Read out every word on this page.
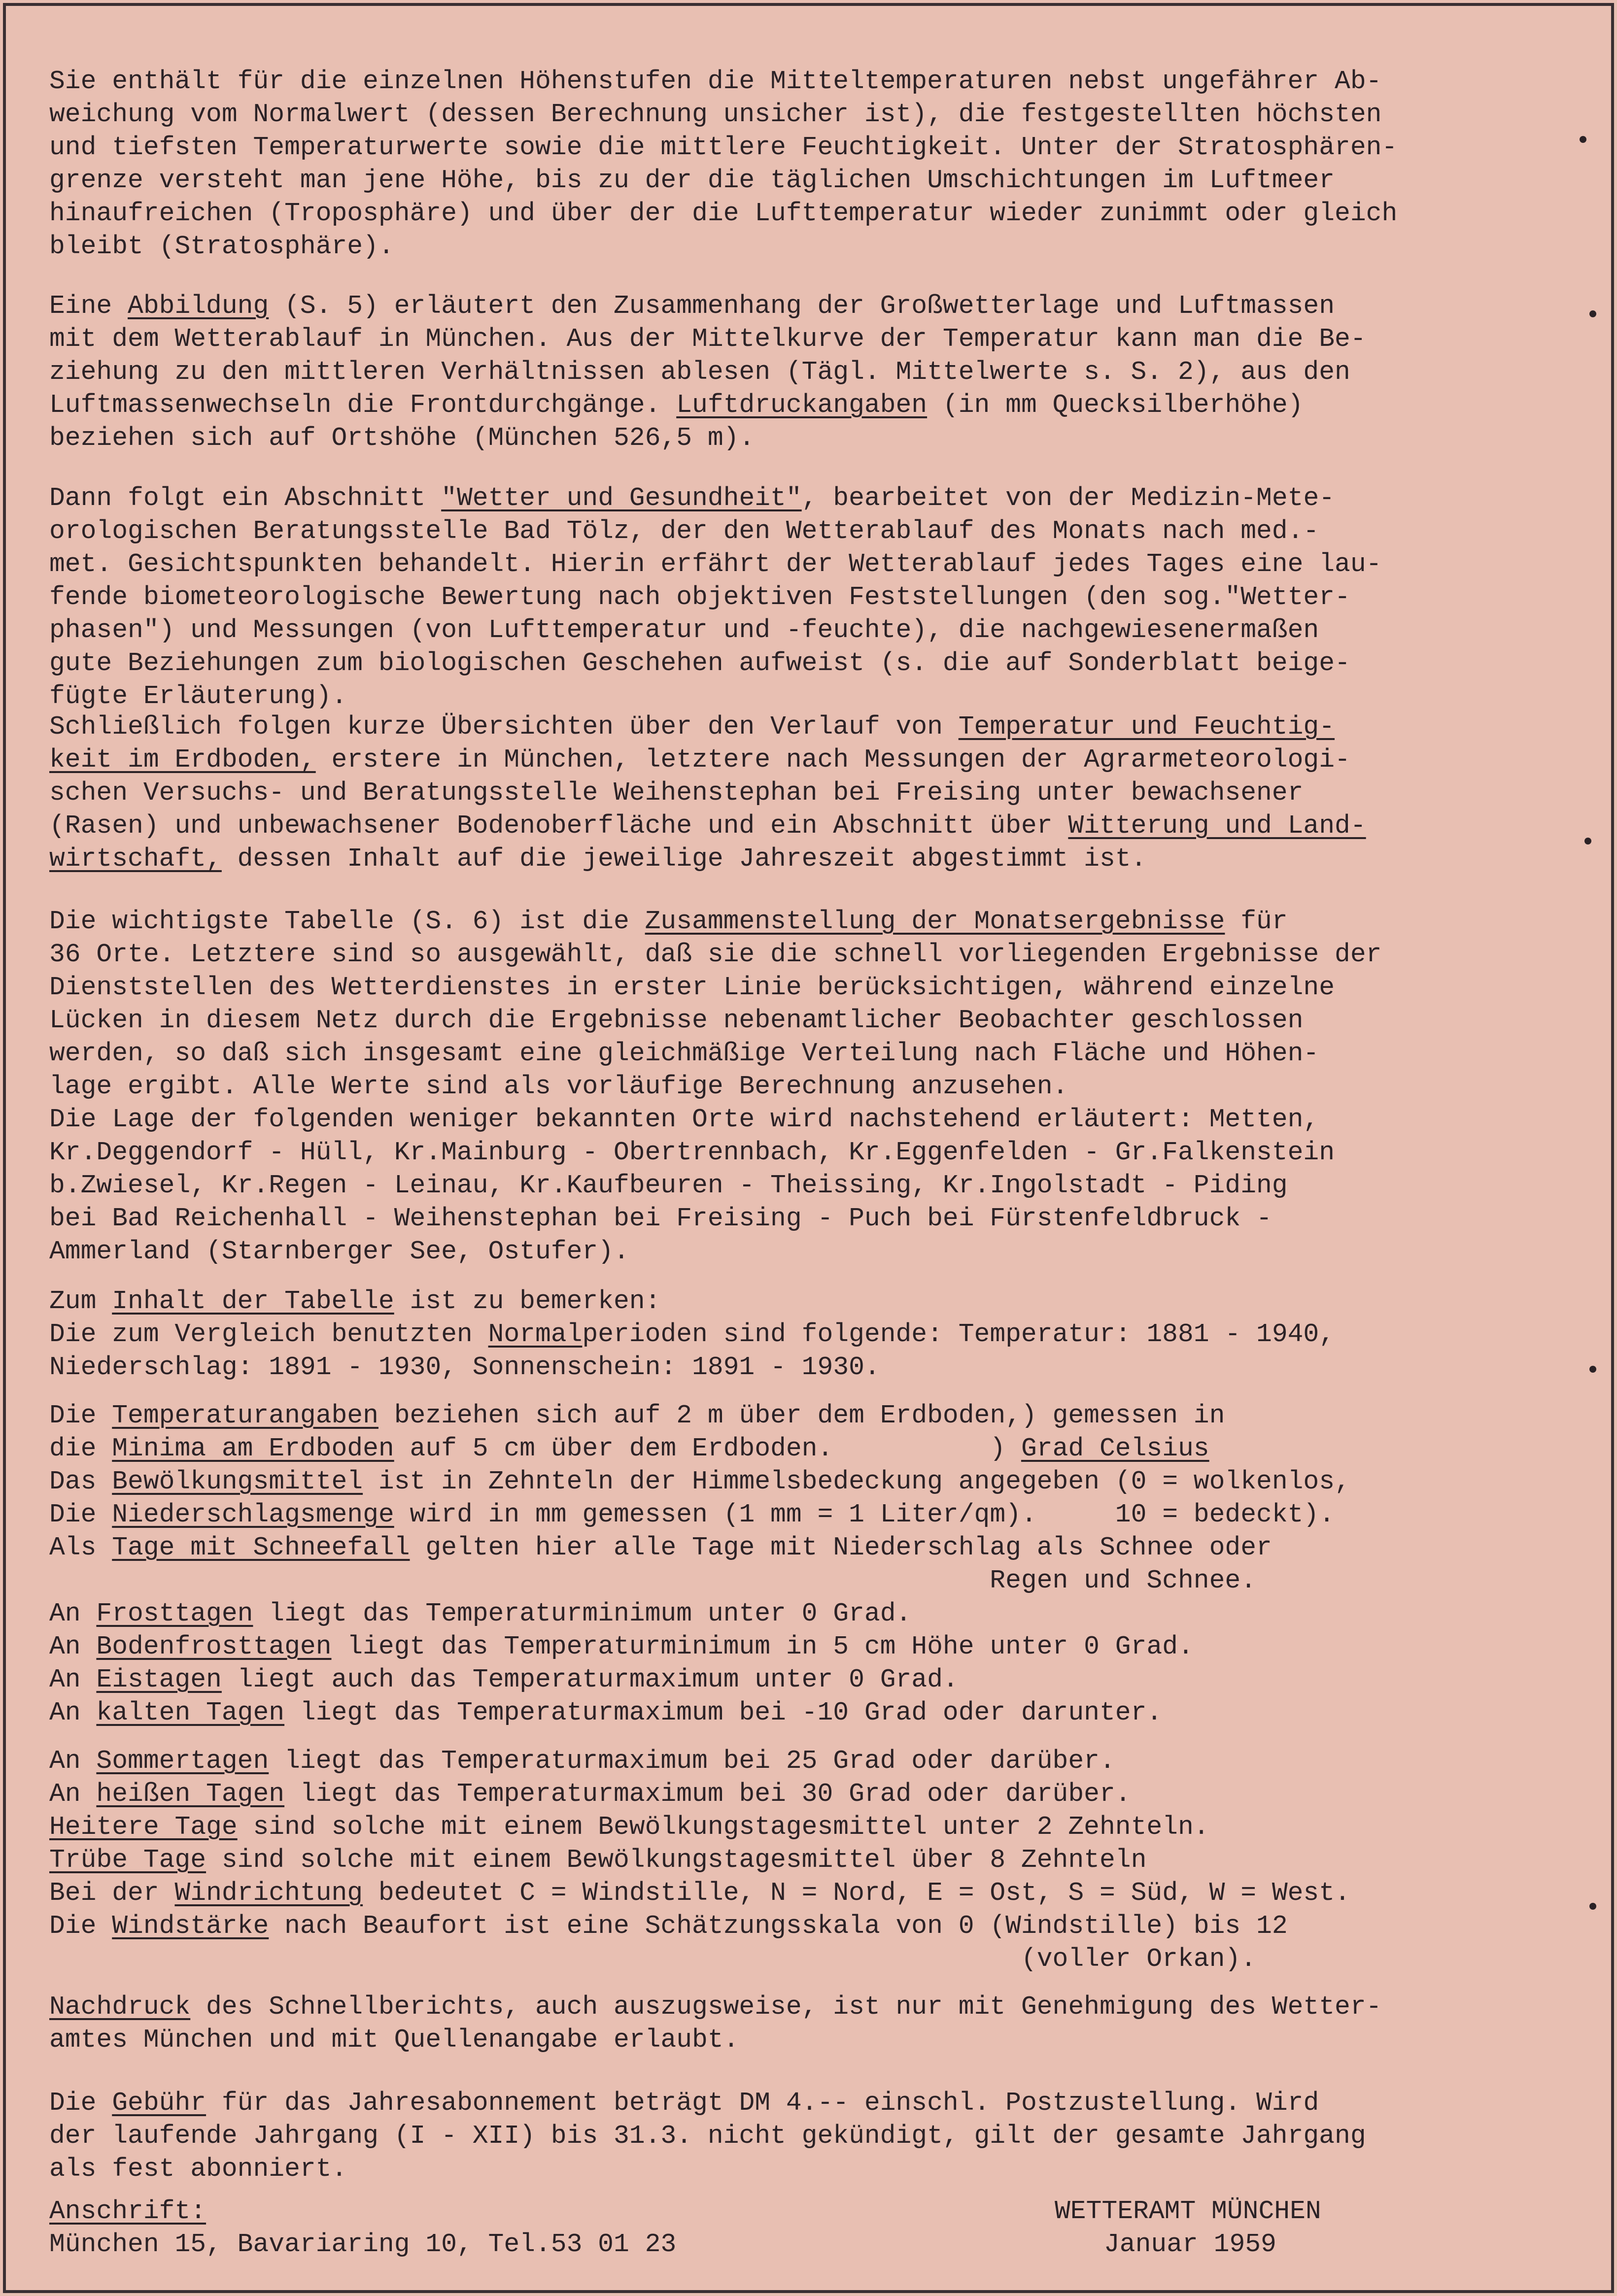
Sie enthält für die einzelnen Höhenstufen die Mitteltemperaturen nebst ungefährer Ab-
weichung vom Normalwert (dessen Berechnung unsicher ist), die festgestellten höchsten
und tiefsten Temperaturwerte sowie die mittlere Feuchtigkeit. Unter der Stratosphären-
grenze versteht man jene Höhe, bis zu der die täglichen Umschichtungen im Luftmeer
hinaufreichen (Troposphäre) und über der die Lufttemperatur wieder zunimmt oder gleich
bleibt (Stratosphäre).
Eine Abbildung (S. 5) erläutert den Zusammenhang der Großwetterlage und Luftmassen
mit dem Wetterablauf in München. Aus der Mittelkurve der Temperatur kann man die Be-
ziehung zu den mittleren Verhältnissen ablesen (Tägl. Mittelwerte s. S. 2), aus den
Luftmassenwechseln die Frontdurchgänge. Luftdruckangaben (in mm Quecksilberhöhe)
beziehen sich auf Ortshöhe (München 526,5 m).
Dann folgt ein Abschnitt "Wetter und Gesundheit", bearbeitet von der Medizin-Mete-
orologischen Beratungsstelle Bad Tölz, der den Wetterablauf des Monats nach med.-
met. Gesichtspunkten behandelt. Hierin erfährt der Wetterablauf jedes Tages eine lau-
fende biometeorologische Bewertung nach objektiven Feststellungen (den sog."Wetter-
phasen") und Messungen (von Lufttemperatur und -feuchte), die nachgewiesenermaßen
gute Beziehungen zum biologischen Geschehen aufweist (s. die auf Sonderblatt beige-
fügte Erläuterung).
Schließlich folgen kurze Übersichten über den Verlauf von Temperatur und Feuchtig-
keit im Erdboden, erstere in München, letztere nach Messungen der Agrarmeteorologi-
schen Versuchs- und Beratungsstelle Weihenstephan bei Freising unter bewachsener
(Rasen) und unbewachsener Bodenoberfläche und ein Abschnitt über Witterung und Land-
wirtschaft, dessen Inhalt auf die jeweilige Jahreszeit abgestimmt ist.
Die wichtigste Tabelle (S. 6) ist die Zusammenstellung der Monatsergebnisse für
36 Orte. Letztere sind so ausgewählt, daß sie die schnell vorliegenden Ergebnisse der
Dienststellen des Wetterdienstes in erster Linie berücksichtigen, während einzelne
Lücken in diesem Netz durch die Ergebnisse nebenamtlicher Beobachter geschlossen
werden, so daß sich insgesamt eine gleichmäßige Verteilung nach Fläche und Höhen-
lage ergibt. Alle Werte sind als vorläufige Berechnung anzusehen.
Die Lage der folgenden weniger bekannten Orte wird nachstehend erläutert: Metten,
Kr.Deggendorf - Hüll, Kr.Mainburg - Obertrennbach, Kr.Eggenfelden - Gr.Falkenstein
b.Zwiesel, Kr.Regen - Leinau, Kr.Kaufbeuren - Theissing, Kr.Ingolstadt - Piding
bei Bad Reichenhall - Weihenstephan bei Freising - Puch bei Fürstenfeldbruck -
Ammerland (Starnberger See, Ostufer).
Zum Inhalt der Tabelle ist zu bemerken:
Die zum Vergleich benutzten Normalperioden sind folgende: Temperatur: 1881 - 1940,
Niederschlag: 1891 - 1930, Sonnenschein: 1891 - 1930.
Die Temperaturangaben beziehen sich auf 2 m über dem Erdboden,) gemessen in
die Minima am Erdboden auf 5 cm über dem Erdboden.          ) Grad Celsius
Das Bewölkungsmittel ist in Zehnteln der Himmelsbedeckung angegeben (0 = wolkenlos,
Die Niederschlagsmenge wird in mm gemessen (1 mm = 1 Liter/qm).     10 = bedeckt).
Als Tage mit Schneefall gelten hier alle Tage mit Niederschlag als Schnee oder
Regen und Schnee.
An Frosttagen liegt das Temperaturminimum unter 0 Grad.
An Bodenfrosttagen liegt das Temperaturminimum in 5 cm Höhe unter 0 Grad.
An Eistagen liegt auch das Temperaturmaximum unter 0 Grad.
An kalten Tagen liegt das Temperaturmaximum bei -10 Grad oder darunter.
An Sommertagen liegt das Temperaturmaximum bei 25 Grad oder darüber.
An heißen Tagen liegt das Temperaturmaximum bei 30 Grad oder darüber.
Heitere Tage sind solche mit einem Bewölkungstagesmittel unter 2 Zehnteln.
Trübe Tage sind solche mit einem Bewölkungstagesmittel über 8 Zehnteln
Bei der Windrichtung bedeutet C = Windstille, N = Nord, E = Ost, S = Süd, W = West.
Die Windstärke nach Beaufort ist eine Schätzungsskala von 0 (Windstille) bis 12
(voller Orkan).
Nachdruck des Schnellberichts, auch auszugsweise, ist nur mit Genehmigung des Wetter-
amtes München und mit Quellenangabe erlaubt.
Die Gebühr für das Jahresabonnement beträgt DM 4.-- einschl. Postzustellung. Wird
der laufende Jahrgang (I - XII) bis 31.3. nicht gekündigt, gilt der gesamte Jahrgang
als fest abonniert.
Anschrift:
München 15, Bavariaring 10, Tel.53 01 23
WETTERAMT MÜNCHEN
Januar 1959
